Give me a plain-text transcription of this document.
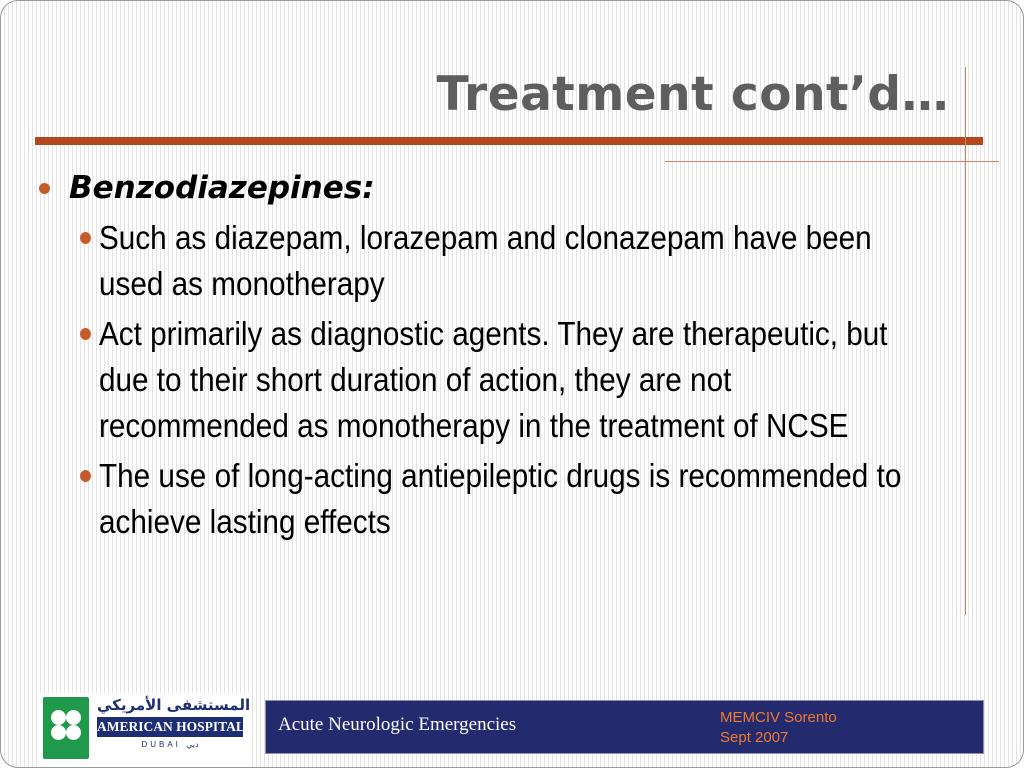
Treatment cont’d…
Benzodiazepines:
Such as diazepam, lorazepam and clonazepam have been used as monotherapy
Act primarily as diagnostic agents. They are therapeutic, but due to their short duration of action, they are not recommended as monotherapy in the treatment of NCSE
The use of long-acting antiepileptic drugs is recommended to achieve lasting effects
المستشفى الأمريكي
AMERICAN HOSPITAL
DUBAI دبي
Acute Neurologic Emergencies	MEMCIV Sorento
Sept 2007
